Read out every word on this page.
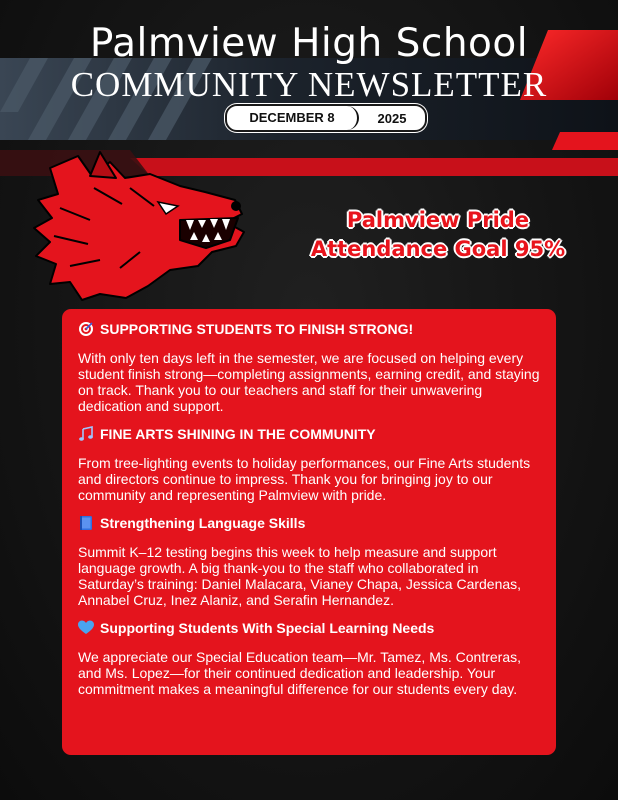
Palmview High School
COMMUNITY NEWSLETTER
DECEMBER 8	2025
Palmview Pride
Attendance Goal 95%
SUPPORTING STUDENTS TO FINISH STRONG!
With only ten days left in the semester, we are focused on helping every student finish strong—completing assignments, earning credit, and staying on track. Thank you to our teachers and staff for their unwavering dedication and support.
FINE ARTS SHINING IN THE COMMUNITY
From tree-lighting events to holiday performances, our Fine Arts students and directors continue to impress. Thank you for bringing joy to our community and representing Palmview with pride.
Strengthening Language Skills
Summit K–12 testing begins this week to help measure and support language growth. A big thank-you to the staff who collaborated in Saturday’s training: Daniel Malacara, Vianey Chapa, Jessica Cardenas, Annabel Cruz, Inez Alaniz, and Serafin Hernandez.
Supporting Students With Special Learning Needs
We appreciate our Special Education team—Mr. Tamez, Ms. Contreras, and Ms. Lopez—for their continued dedication and leadership. Your commitment makes a meaningful difference for our students every day.
